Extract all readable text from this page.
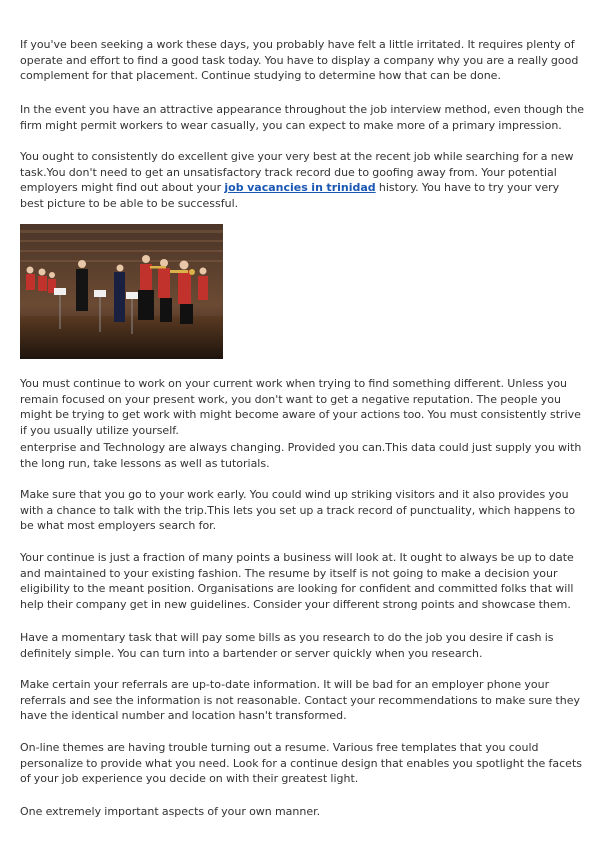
If you've been seeking a work these days, you probably have felt a little irritated. It requires plenty of operate and effort to find a good task today. You have to display a company why you are a really good complement for that placement. Continue studying to determine how that can be done.

In the event you have an attractive appearance throughout the job interview method, even though the firm might permit workers to wear casually, you can expect to make more of a primary impression.

You ought to consistently do excellent give your very best at the recent job while searching for a new task.You don't need to get an unsatisfactory track record due to goofing away from. Your potential employers might find out about your job vacancies in trinidad history. You have to try your very best picture to be able to be successful.

You must continue to work on your current work when trying to find something different. Unless you remain focused on your present work, you don't want to get a negative reputation. The people you might be trying to get work with might become aware of your actions too. You must consistently strive if you usually utilize yourself.

enterprise and Technology are always changing. Provided you can.This data could just supply you with the long run, take lessons as well as tutorials.

Make sure that you go to your work early. You could wind up striking visitors and it also provides you with a chance to talk with the trip.This lets you set up a track record of punctuality, which happens to be what most employers search for.

Your continue is just a fraction of many points a business will look at. It ought to always be up to date and maintained to your existing fashion. The resume by itself is not going to make a decision your eligibility to the meant position. Organisations are looking for confident and committed folks that will help their company get in new guidelines. Consider your different strong points and showcase them.

Have a momentary task that will pay some bills as you research to do the job you desire if cash is definitely simple. You can turn into a bartender or server quickly when you research.

Make certain your referrals are up-to-date information. It will be bad for an employer phone your referrals and see the information is not reasonable. Contact your recommendations to make sure they have the identical number and location hasn't transformed.

On-line themes are having trouble turning out a resume. Various free templates that you could personalize to provide what you need. Look for a continue design that enables you spotlight the facets of your job experience you decide on with their greatest light.

One extremely important aspects of your own manner.
